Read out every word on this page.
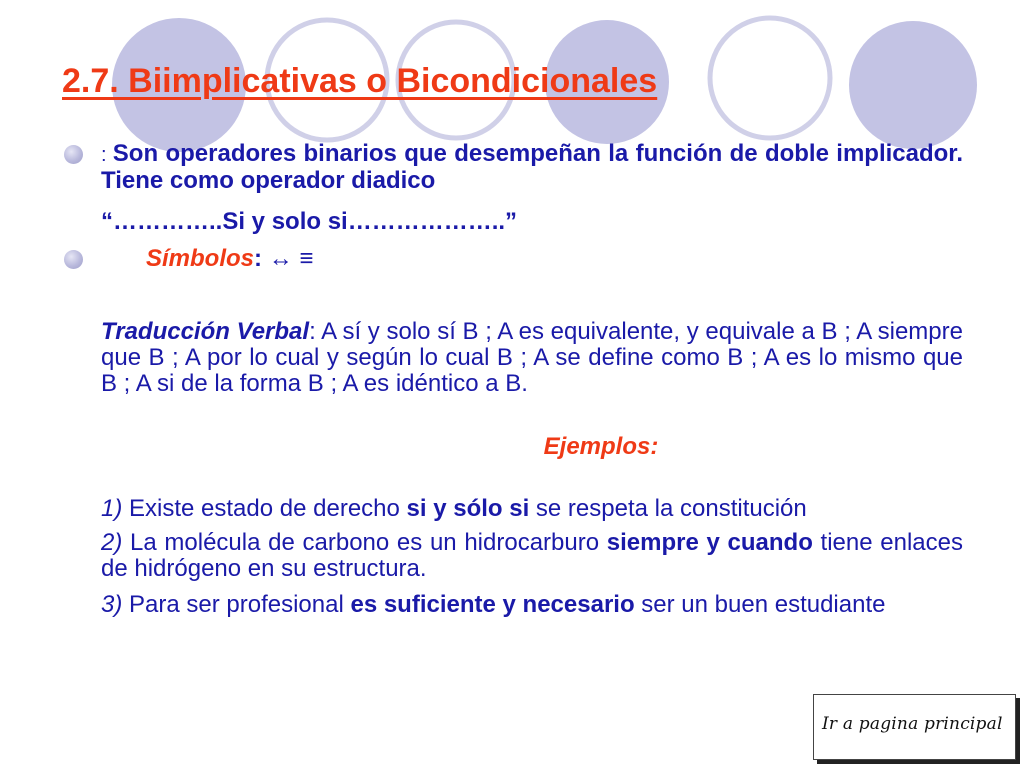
2.7. Biimplicativas o Bicondicionales
: Son operadores binarios que desempeñan la función de doble implicador. Tiene como operador diadico
“…………..Si y solo si………………..”
Símbolos: ↔ ≡
Traducción Verbal: A sí y solo sí B ; A es equivalente, y equivale a B ; A siempre que B ; A por lo cual y según lo cual B ; A se define como B ; A es lo mismo que B ; A si de la forma B ; A es idéntico a B.
Ejemplos:
1) Existe estado de derecho si y sólo si se respeta la constitución
2) La molécula de carbono es un hidrocarburo siempre y cuando tiene enlaces de hidrógeno en su estructura.
3) Para ser profesional es suficiente y necesario ser un buen estudiante
Ir a pagina principal
